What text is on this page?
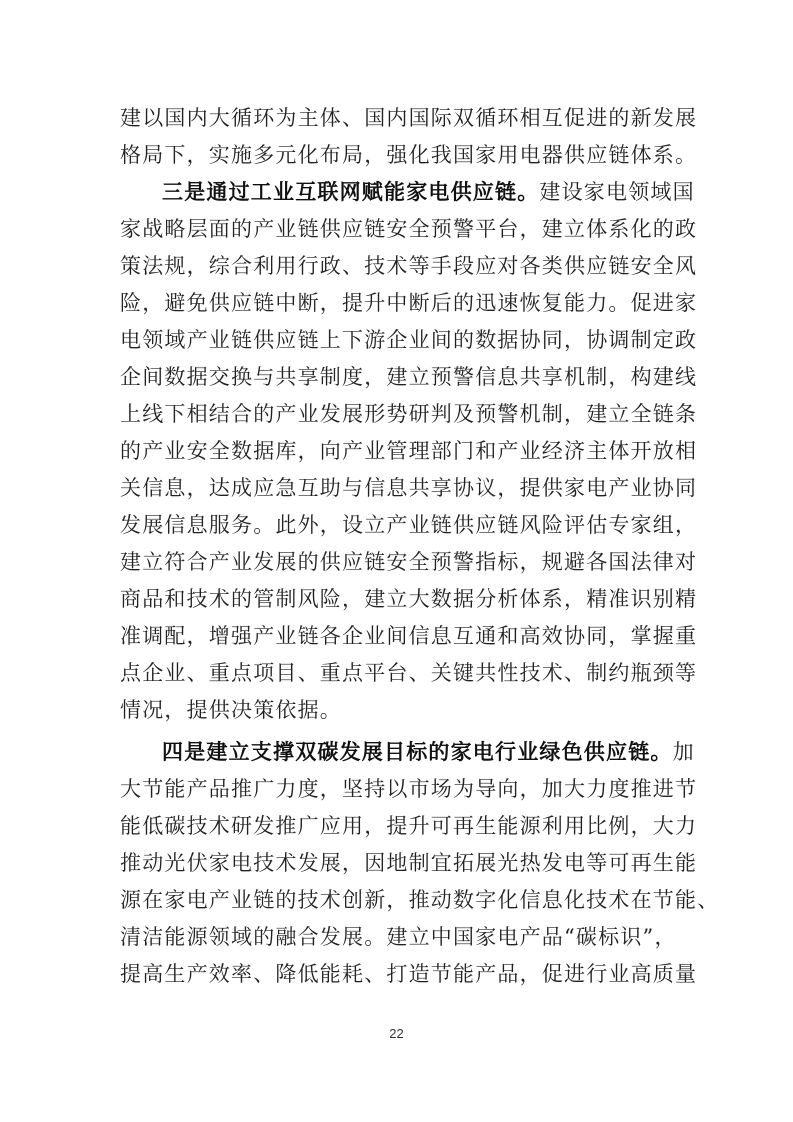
建以国内大循环为主体、国内国际双循环相互促进的新发展
格局下，实施多元化布局，强化我国家用电器供应链体系。
三是通过工业互联网赋能家电供应链。建设家电领域国
家战略层面的产业链供应链安全预警平台，建立体系化的政
策法规，综合利用行政、技术等手段应对各类供应链安全风
险，避免供应链中断，提升中断后的迅速恢复能力。促进家
电领域产业链供应链上下游企业间的数据协同，协调制定政
企间数据交换与共享制度，建立预警信息共享机制，构建线
上线下相结合的产业发展形势研判及预警机制，建立全链条
的产业安全数据库，向产业管理部门和产业经济主体开放相
关信息，达成应急互助与信息共享协议，提供家电产业协同
发展信息服务。此外，设立产业链供应链风险评估专家组，
建立符合产业发展的供应链安全预警指标，规避各国法律对
商品和技术的管制风险，建立大数据分析体系，精准识别精
准调配，增强产业链各企业间信息互通和高效协同，掌握重
点企业、重点项目、重点平台、关键共性技术、制约瓶颈等
情况，提供决策依据。
四是建立支撑双碳发展目标的家电行业绿色供应链。加
大节能产品推广力度，坚持以市场为导向，加大力度推进节
能低碳技术研发推广应用，提升可再生能源利用比例，大力
推动光伏家电技术发展，因地制宜拓展光热发电等可再生能
源在家电产业链的技术创新，推动数字化信息化技术在节能、
清洁能源领域的融合发展。建立中国家电产品“碳标识”，
提高生产效率、降低能耗、打造节能产品，促进行业高质量
22
